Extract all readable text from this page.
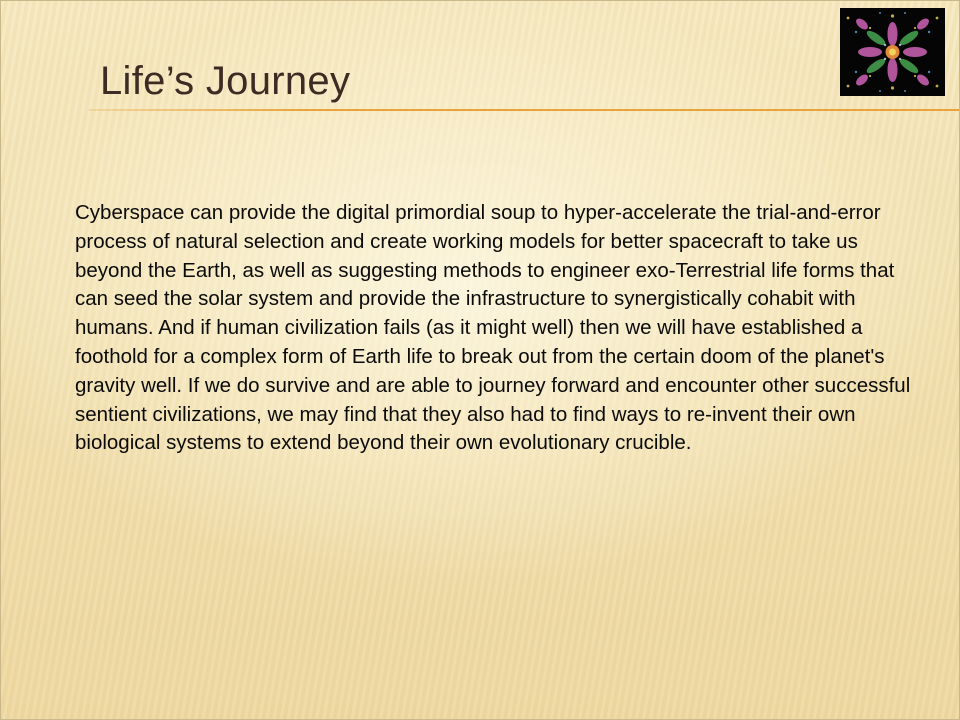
Life’s Journey

Cyberspace can provide the digital primordial soup to hyper-accelerate the trial-and-error process of natural selection and create working models for better spacecraft to take us beyond the Earth, as well as suggesting methods to engineer exo-Terrestrial life forms that can seed the solar system and provide the infrastructure to synergistically cohabit with humans. And if human civilization fails (as it might well) then we will have established a foothold for a complex form of Earth life to break out from the certain doom of the planet's gravity well. If we do survive and are able to journey forward and encounter other successful sentient civilizations, we may find that they also had to find ways to re-invent their own biological systems to extend beyond their own evolutionary crucible.
